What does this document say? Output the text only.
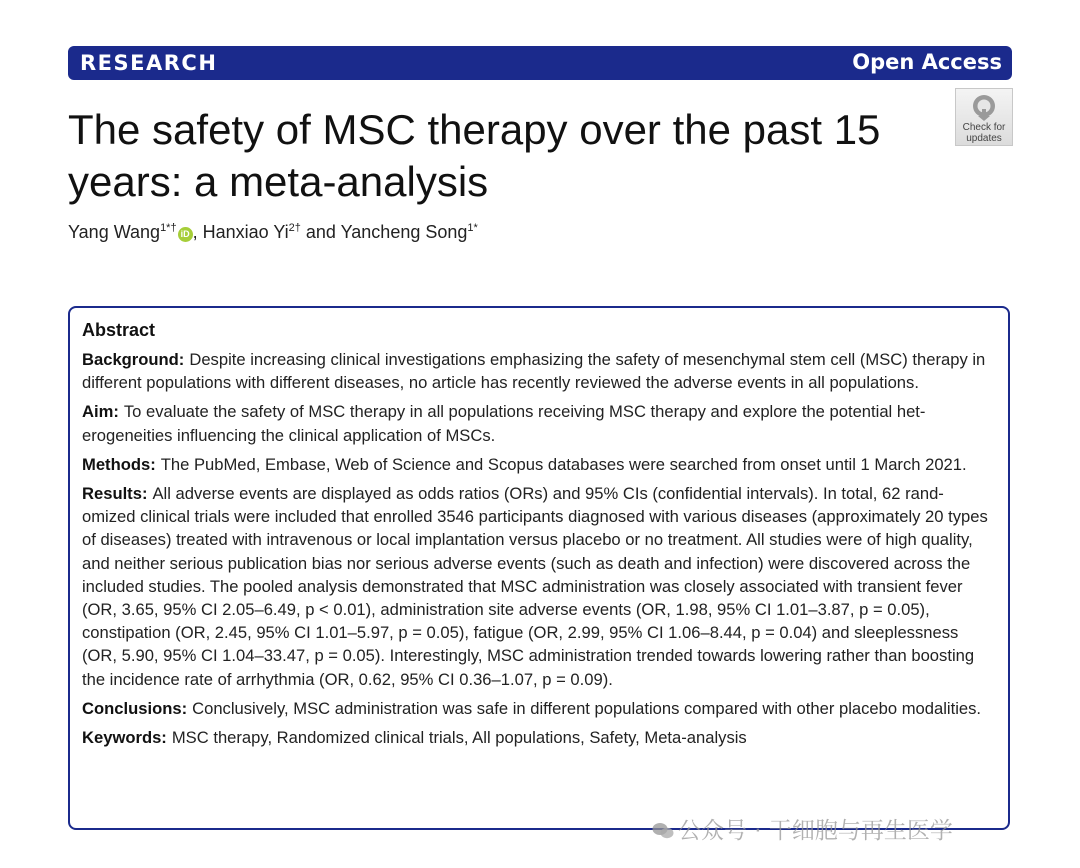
RESEARCH	Open Access
The safety of MSC therapy over the past 15 years: a meta-analysis
Check for
updates
Yang Wang$^{1*\dagger}$ iD , Hanxiao $Yi^{2\dagger}$ and Yancheng Song$^{1*}$
Abstract

Background: Despite increasing clinical investigations emphasizing the safety of mesenchymal stem cell (MSC) therapy in different populations with different diseases, no article has recently reviewed the adverse events in all populations.

Aim: To evaluate the safety of MSC therapy in all populations receiving MSC therapy and explore the potential het-erogeneities influencing the clinical application of MSCs.

Methods: The PubMed, Embase, Web of Science and Scopus databases were searched from onset until 1 March 2021.

Results: All adverse events are displayed as odds ratios (ORs) and 95% CIs (confidential intervals). In total, 62 rand-omized clinical trials were included that enrolled 3546 participants diagnosed with various diseases (approximately 20 types of diseases) treated with intravenous or local implantation versus placebo or no treatment. All studies were of high quality, and neither serious publication bias nor serious adverse events (such as death and infection) were discovered across the included studies. The pooled analysis demonstrated that MSC administration was closely associated with transient fever (OR, 3.65, 95% CI 2.05–6.49, p < 0.01), administration site adverse events (OR, 1.98, 95% CI 1.01–3.87, p = 0.05), constipation (OR, 2.45, 95% CI 1.01–5.97, p = 0.05), fatigue (OR, 2.99, 95% CI 1.06–8.44, p = 0.04) and sleeplessness (OR, 5.90, 95% CI 1.04–33.47, p = 0.05). Interestingly, MSC administration trended towards lowering rather than boosting the incidence rate of arrhythmia (OR, 0.62, 95% CI 0.36–1.07, p = 0.09).

Conclusions: Conclusively, MSC administration was safe in different populations compared with other placebo modalities.

Keywords: MSC therapy, Randomized clinical trials, All populations, Safety, Meta-analysis

公众号 · 干细胞与再生医学
